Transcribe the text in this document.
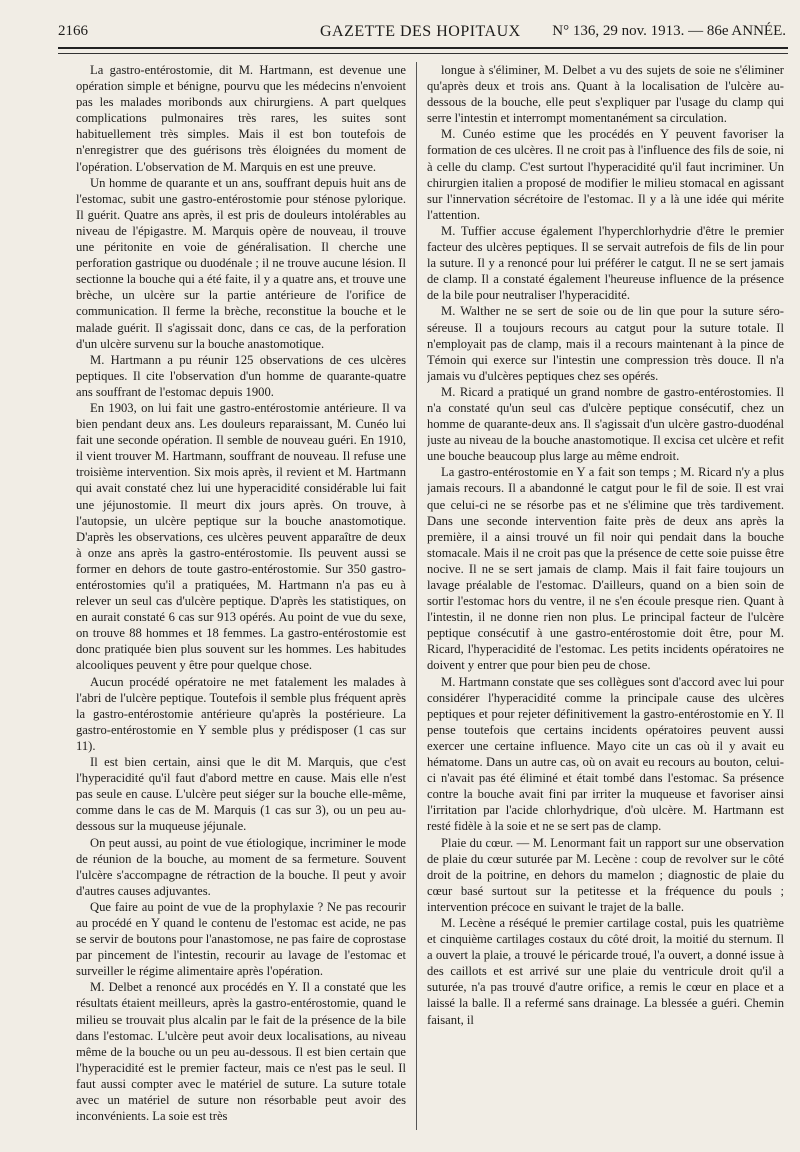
2166	GAZETTE DES HOPITAUX N° 136, 29 nov. 1913. — 86e ANNÉE.

La gastro-entérostomie, dit M. Hartmann, est devenue une opération simple et bénigne, pourvu que les médecins n'envoient pas les malades moribonds aux chirurgiens. A part quelques complications pulmonaires très rares, les suites sont habituellement très simples. Mais il est bon toutefois de n'enregistrer que des guérisons très éloignées du moment de l'opération. L'observation de M. Marquis en est une preuve.

Un homme de quarante et un ans, souffrant depuis huit ans de l'estomac, subit une gastro-entérostomie pour sténose pylorique. Il guérit. Quatre ans après, il est pris de douleurs intolérables au niveau de l'épigastre. M. Marquis opère de nouveau, il trouve une péritonite en voie de généralisation. Il cherche une perforation gastrique ou duodénale ; il ne trouve aucune lésion. Il sectionne la bouche qui a été faite, il y a quatre ans, et trouve une brèche, un ulcère sur la partie antérieure de l'orifice de communication. Il ferme la brèche, reconstitue la bouche et le malade guérit. Il s'agissait donc, dans ce cas, de la perforation d'un ulcère survenu sur la bouche anastomotique.

M. Hartmann a pu réunir 125 observations de ces ulcères peptiques. Il cite l'observation d'un homme de quarante-quatre ans souffrant de l'estomac depuis 1900.

En 1903, on lui fait une gastro-entérostomie antérieure. Il va bien pendant deux ans. Les douleurs reparaissant, M. Cunéo lui fait une seconde opération. Il semble de nouveau guéri. En 1910, il vient trouver M. Hartmann, souffrant de nouveau. Il refuse une troisième intervention. Six mois après, il revient et M. Hartmann qui avait constaté chez lui une hyperacidité considérable lui fait une jéjunostomie. Il meurt dix jours après. On trouve, à l'autopsie, un ulcère peptique sur la bouche anastomotique. D'après les observations, ces ulcères peuvent apparaître de deux à onze ans après la gastro-entérostomie. Ils peuvent aussi se former en dehors de toute gastro-entérostomie. Sur 350 gastro-entérostomies qu'il a pratiquées, M. Hartmann n'a pas eu à relever un seul cas d'ulcère peptique. D'après les statistiques, on en aurait constaté 6 cas sur 913 opérés. Au point de vue du sexe, on trouve 88 hommes et 18 femmes. La gastro-entérostomie est donc pratiquée bien plus souvent sur les hommes. Les habitudes alcooliques peuvent y être pour quelque chose.

Aucun procédé opératoire ne met fatalement les malades à l'abri de l'ulcère peptique. Toutefois il semble plus fréquent après la gastro-entérostomie antérieure qu'après la postérieure. La gastro-entérostomie en Y semble plus y prédisposer (1 cas sur 11).

Il est bien certain, ainsi que le dit M. Marquis, que c'est l'hyperacidité qu'il faut d'abord mettre en cause. Mais elle n'est pas seule en cause. L'ulcère peut siéger sur la bouche elle-même, comme dans le cas de M. Marquis (1 cas sur 3), ou un peu au-dessous sur la muqueuse jéjunale.

On peut aussi, au point de vue étiologique, incriminer le mode de réunion de la bouche, au moment de sa fermeture. Souvent l'ulcère s'accompagne de rétraction de la bouche. Il peut y avoir d'autres causes adjuvantes.

Que faire au point de vue de la prophylaxie ? Ne pas recourir au procédé en Y quand le contenu de l'estomac est acide, ne pas se servir de boutons pour l'anastomose, ne pas faire de coprostase par pincement de l'intestin, recourir au lavage de l'estomac et surveiller le régime alimentaire après l'opération.

M. Delbet a renoncé aux procédés en Y. Il a constaté que les résultats étaient meilleurs, après la gastro-entérostomie, quand le milieu se trouvait plus alcalin par le fait de la présence de la bile dans l'estomac. L'ulcère peut avoir deux localisations, au niveau même de la bouche ou un peu au-dessous. Il est bien certain que l'hyperacidité est le premier facteur, mais ce n'est pas le seul. Il faut aussi compter avec le matériel de suture. La suture totale avec un matériel de suture non résorbable peut avoir des inconvénients. La soie est très

longue à s'éliminer, M. Delbet a vu des sujets de soie ne s'éliminer qu'après deux et trois ans. Quant à la localisation de l'ulcère au-dessous de la bouche, elle peut s'expliquer par l'usage du clamp qui serre l'intestin et interrompt momentanément sa circulation.

M. Cunéo estime que les procédés en Y peuvent favoriser la formation de ces ulcères. Il ne croit pas à l'influence des fils de soie, ni à celle du clamp. C'est surtout l'hyperacidité qu'il faut incriminer. Un chirurgien italien a proposé de modifier le milieu stomacal en agissant sur l'innervation sécrétoire de l'estomac. Il y a là une idée qui mérite l'attention.

M. Tuffier accuse également l'hyperchlorhydrie d'être le premier facteur des ulcères peptiques. Il se servait autrefois de fils de lin pour la suture. Il y a renoncé pour lui préférer le catgut. Il ne se sert jamais de clamp. Il a constaté également l'heureuse influence de la présence de la bile pour neutraliser l'hyperacidité.

M. Walther ne se sert de soie ou de lin que pour la suture séro-séreuse. Il a toujours recours au catgut pour la suture totale. Il n'employait pas de clamp, mais il a recours maintenant à la pince de Témoin qui exerce sur l'intestin une compression très douce. Il n'a jamais vu d'ulcères peptiques chez ses opérés.

M. Ricard a pratiqué un grand nombre de gastro-entérostomies. Il n'a constaté qu'un seul cas d'ulcère peptique consécutif, chez un homme de quarante-deux ans. Il s'agissait d'un ulcère gastro-duodénal juste au niveau de la bouche anastomotique. Il excisa cet ulcère et refit une bouche beaucoup plus large au même endroit.

La gastro-entérostomie en Y a fait son temps ; M. Ricard n'y a plus jamais recours. Il a abandonné le catgut pour le fil de soie. Il est vrai que celui-ci ne se résorbe pas et ne s'élimine que très tardivement. Dans une seconde intervention faite près de deux ans après la première, il a ainsi trouvé un fil noir qui pendait dans la bouche stomacale. Mais il ne croit pas que la présence de cette soie puisse être nocive. Il ne se sert jamais de clamp. Mais il fait faire toujours un lavage préalable de l'estomac. D'ailleurs, quand on a bien soin de sortir l'estomac hors du ventre, il ne s'en écoule presque rien. Quant à l'intestin, il ne donne rien non plus. Le principal facteur de l'ulcère peptique consécutif à une gastro-entérostomie doit être, pour M. Ricard, l'hyperacidité de l'estomac. Les petits incidents opératoires ne doivent y entrer que pour bien peu de chose.

M. Hartmann constate que ses collègues sont d'accord avec lui pour considérer l'hyperacidité comme la principale cause des ulcères peptiques et pour rejeter définitivement la gastro-entérostomie en Y. Il pense toutefois que certains incidents opératoires peuvent aussi exercer une certaine influence. Mayo cite un cas où il y avait eu hématome. Dans un autre cas, où on avait eu recours au bouton, celui-ci n'avait pas été éliminé et était tombé dans l'estomac. Sa présence contre la bouche avait fini par irriter la muqueuse et favoriser ainsi l'irritation par l'acide chlorhydrique, d'où ulcère. M. Hartmann est resté fidèle à la soie et ne se sert pas de clamp.

Plaie du cœur. — M. Lenormant fait un rapport sur une observation de plaie du cœur suturée par M. Lecène : coup de revolver sur le côté droit de la poitrine, en dehors du mamelon ; diagnostic de plaie du cœur basé surtout sur la petitesse et la fréquence du pouls ; intervention précoce en suivant le trajet de la balle.

M. Lecène a réséqué le premier cartilage costal, puis les quatrième et cinquième cartilages costaux du côté droit, la moitié du sternum. Il a ouvert la plaie, a trouvé le péricarde troué, l'a ouvert, a donné issue à des caillots et est arrivé sur une plaie du ventricule droit qu'il a suturée, n'a pas trouvé d'autre orifice, a remis le cœur en place et a laissé la balle. Il a refermé sans drainage. La blessée a guéri. Chemin faisant, il
